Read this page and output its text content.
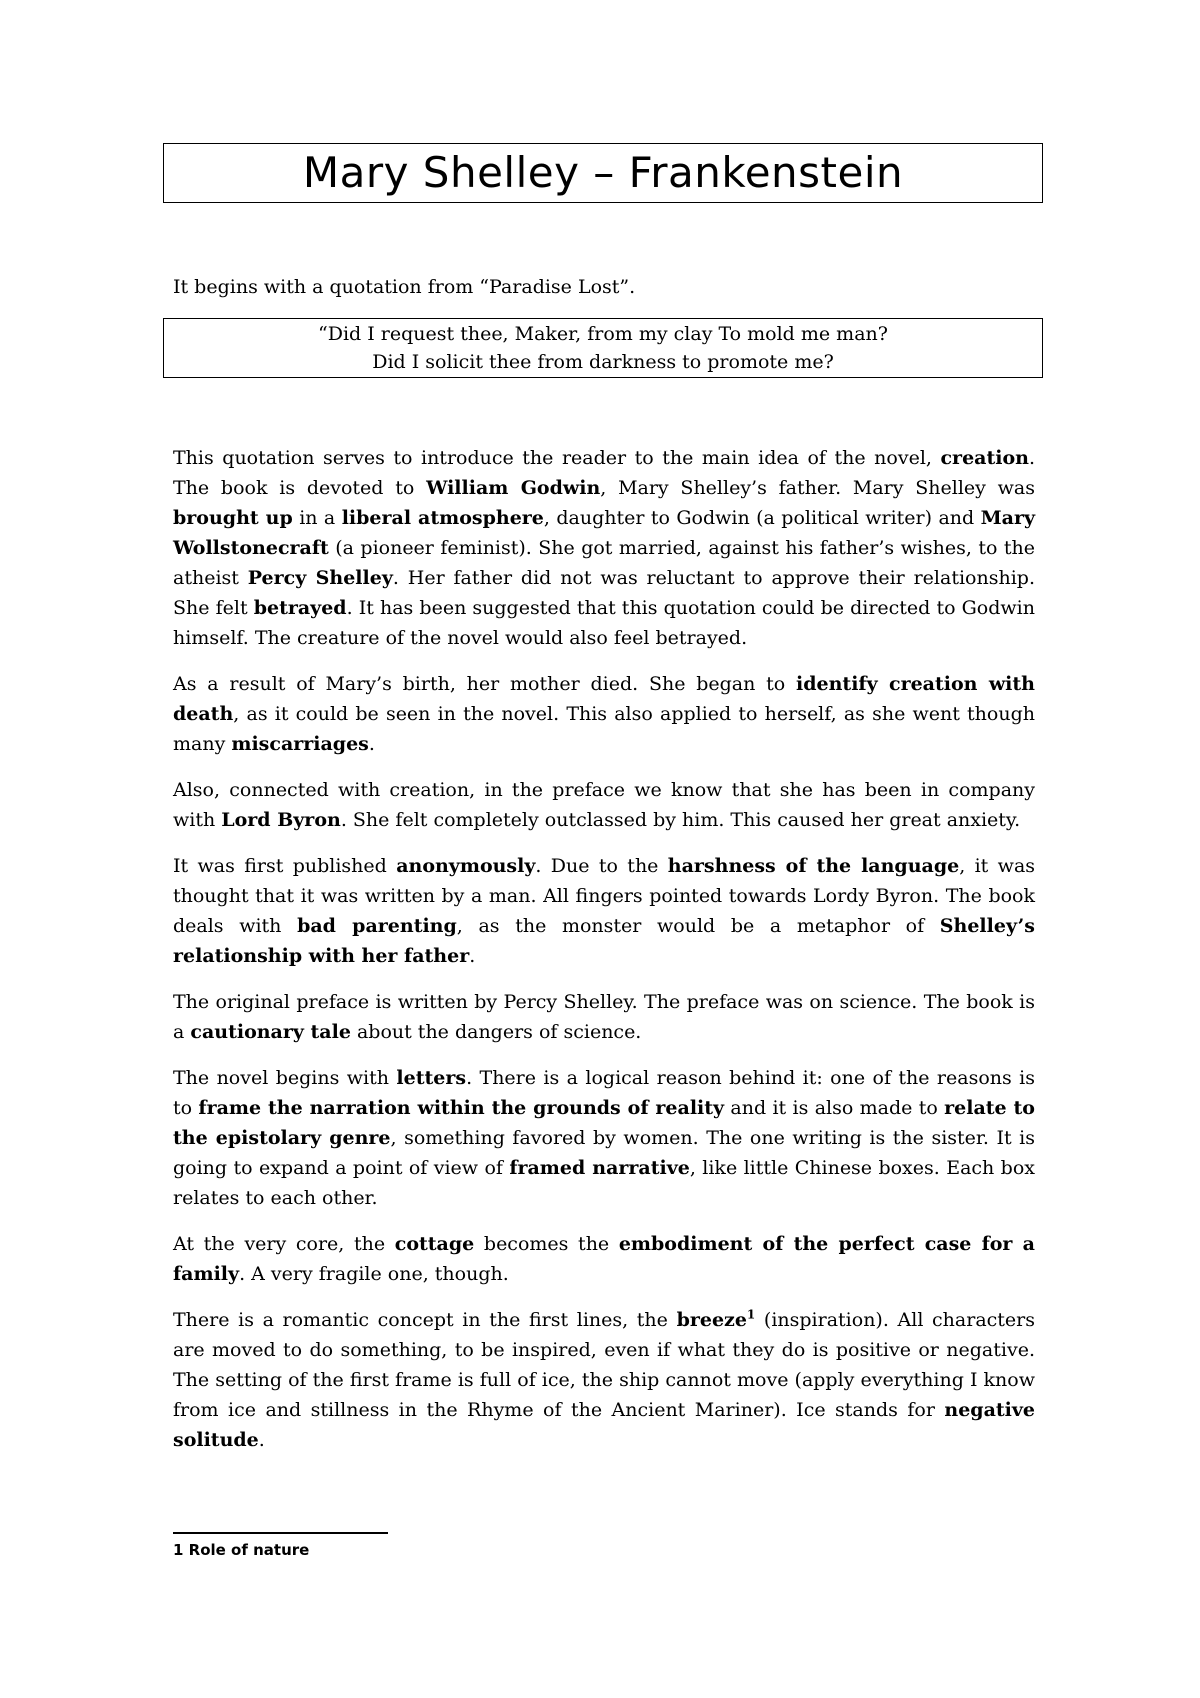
Mary Shelley – Frankenstein

It begins with a quotation from “Paradise Lost”.

“Did I request thee, Maker, from my clay To mold me man?
Did I solicit thee from darkness to promote me?

This quotation serves to introduce the reader to the main idea of the novel, creation. The book is devoted to William Godwin, Mary Shelley’s father. Mary Shelley was brought up in a liberal atmosphere, daughter to Godwin (a political writer) and Mary Wollstonecraft (a pioneer feminist). She got married, against his father’s wishes, to the atheist Percy Shelley. Her father did not was reluctant to approve their relationship. She felt betrayed. It has been suggested that this quotation could be directed to Godwin himself. The creature of the novel would also feel betrayed.

As a result of Mary’s birth, her mother died. She began to identify creation with death, as it could be seen in the novel. This also applied to herself, as she went though many miscarriages.

Also, connected with creation, in the preface we know that she has been in company with Lord Byron. She felt completely outclassed by him. This caused her great anxiety.

It was first published anonymously. Due to the harshness of the language, it was thought that it was written by a man. All fingers pointed towards Lordy Byron. The book deals with bad parenting, as the monster would be a metaphor of Shelley’s relationship with her father.

The original preface is written by Percy Shelley. The preface was on science. The book is a cautionary tale about the dangers of science.

The novel begins with letters. There is a logical reason behind it: one of the reasons is to frame the narration within the grounds of reality and it is also made to relate to the epistolary genre, something favored by women. The one writing is the sister. It is going to expand a point of view of framed narrative, like little Chinese boxes. Each box relates to each other.

At the very core, the cottage becomes the embodiment of the perfect case for a family. A very fragile one, though.

There is a romantic concept in the first lines, the breeze$^1$ (inspiration). All characters are moved to do something, to be inspired, even if what they do is positive or negative. The setting of the first frame is full of ice, the ship cannot move (apply everything I know from ice and stillness in the Rhyme of the Ancient Mariner). Ice stands for negative solitude.

1 Role of nature
